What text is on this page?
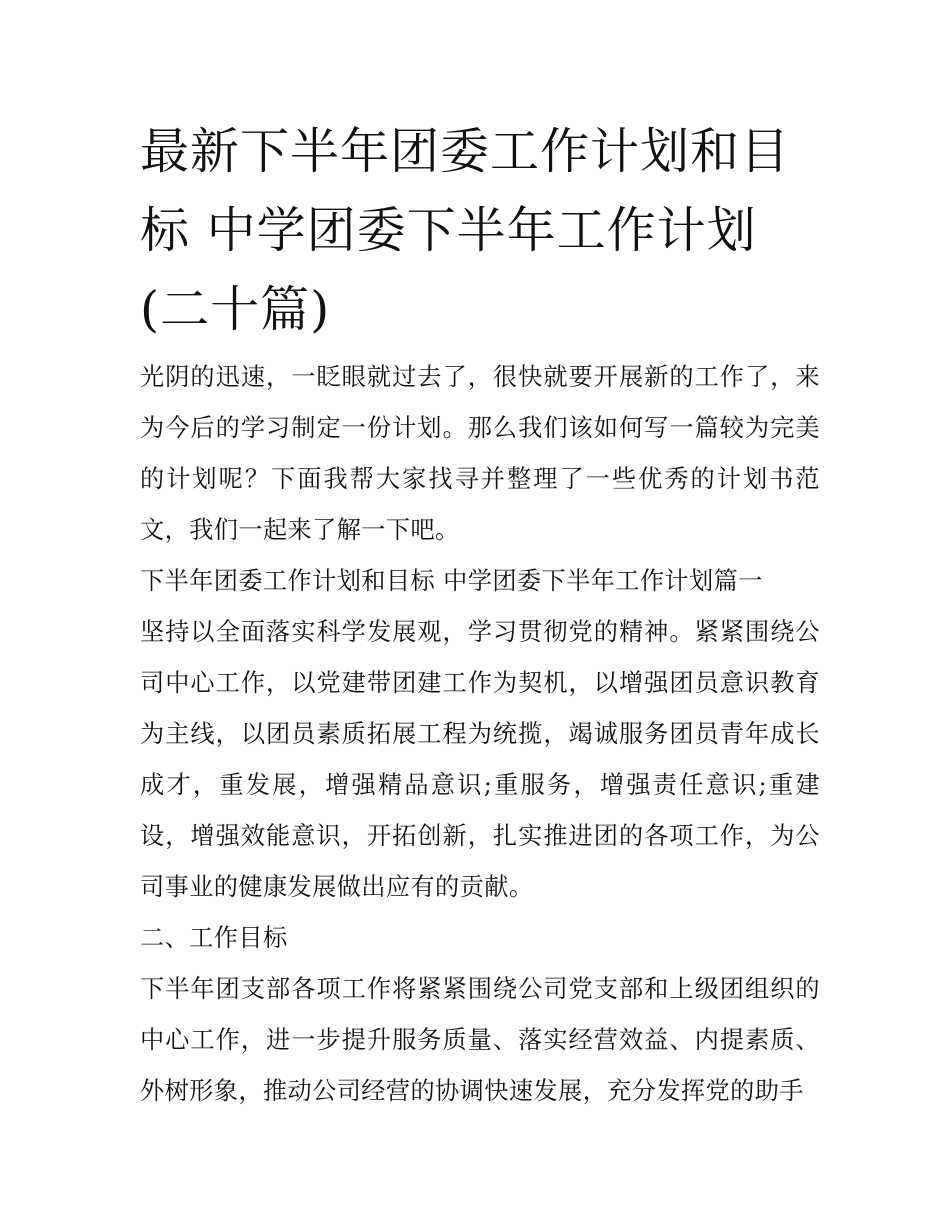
最新下半年团委工作计划和目标 中学团委下半年工作计划(二十篇)

光阴的迅速，一眨眼就过去了，很快就要开展新的工作了，来为今后的学习制定一份计划。那么我们该如何写一篇较为完美的计划呢？下面我帮大家找寻并整理了一些优秀的计划书范文，我们一起来了解一下吧。

下半年团委工作计划和目标 中学团委下半年工作计划篇一

坚持以全面落实科学发展观，学习贯彻党的精神。紧紧围绕公司中心工作，以党建带团建工作为契机，以增强团员意识教育为主线，以团员素质拓展工程为统揽，竭诚服务团员青年成长成才，重发展，增强精品意识;重服务，增强责任意识;重建设，增强效能意识，开拓创新，扎实推进团的各项工作，为公司事业的健康发展做出应有的贡献。

二、工作目标

下半年团支部各项工作将紧紧围绕公司党支部和上级团组织的中心工作，进一步提升服务质量、落实经营效益、内提素质、外树形象，推动公司经营的协调快速发展，充分发挥党的助手
